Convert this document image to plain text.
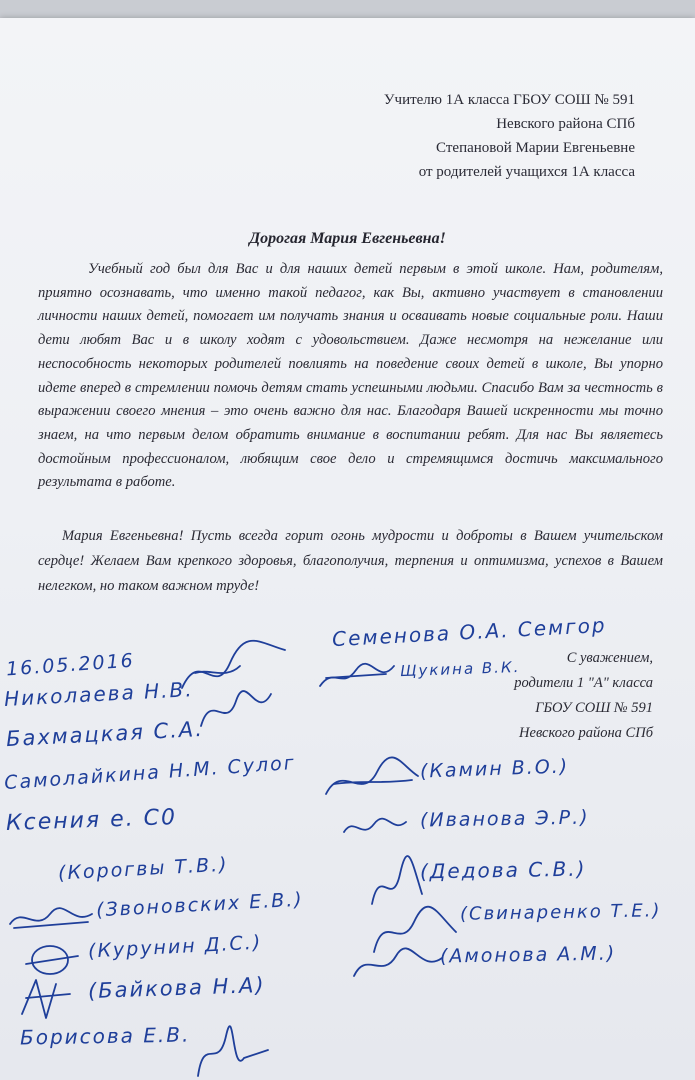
Учителю 1А класса ГБОУ СОШ № 591
Невского района СПб
Степановой Марии Евгеньевне
от родителей учащихся 1А класса
Дорогая Мария Евгеньевна!
Учебный год был для Вас и для наших детей первым в этой школе. Нам, родителям, приятно осознавать, что именно такой педагог, как Вы, активно участвует в становлении личности наших детей, помогает им получать знания и осваивать новые социальные роли. Наши дети любят Вас и в школу ходят с удовольствием. Даже несмотря на нежелание или неспособность некоторых родителей повлиять на поведение своих детей в школе, Вы упорно идете вперед в стремлении помочь детям стать успешными людьми. Спасибо Вам за честность в выражении своего мнения – это очень важно для нас. Благодаря Вашей искренности мы точно знаем, на что первым делом обратить внимание в воспитании ребят. Для нас Вы являетесь достойным профессионалом, любящим свое дело и стремящимся достичь максимального результата в работе.
Мария Евгеньевна! Пусть всегда горит огонь мудрости и доброты в Вашем учительском сердце! Желаем Вам крепкого здоровья, благополучия, терпения и оптимизма, успехов в Вашем нелегком, но таком важном труде!
С уважением,
родители 1 "А" класса
ГБОУ СОШ № 591
Невского района СПб
16.05.2016
Николаева Н.В.
Бахмацкая С.А.
Самолайкина Н.М. Сулог
Ксения е. С0
(Корогвы Т.В.)
(Звоновских Е.В.)
(Курунин Д.С.)
(Байкова Н.А)
Борисова Е.В.
Семенова О.А. Семгор
Щукина В.К.
(Камин В.О.)
(Иванова Э.Р.)
(Дедова С.В.)
(Свинаренко Т.Е.)
(Амонова А.М.)
